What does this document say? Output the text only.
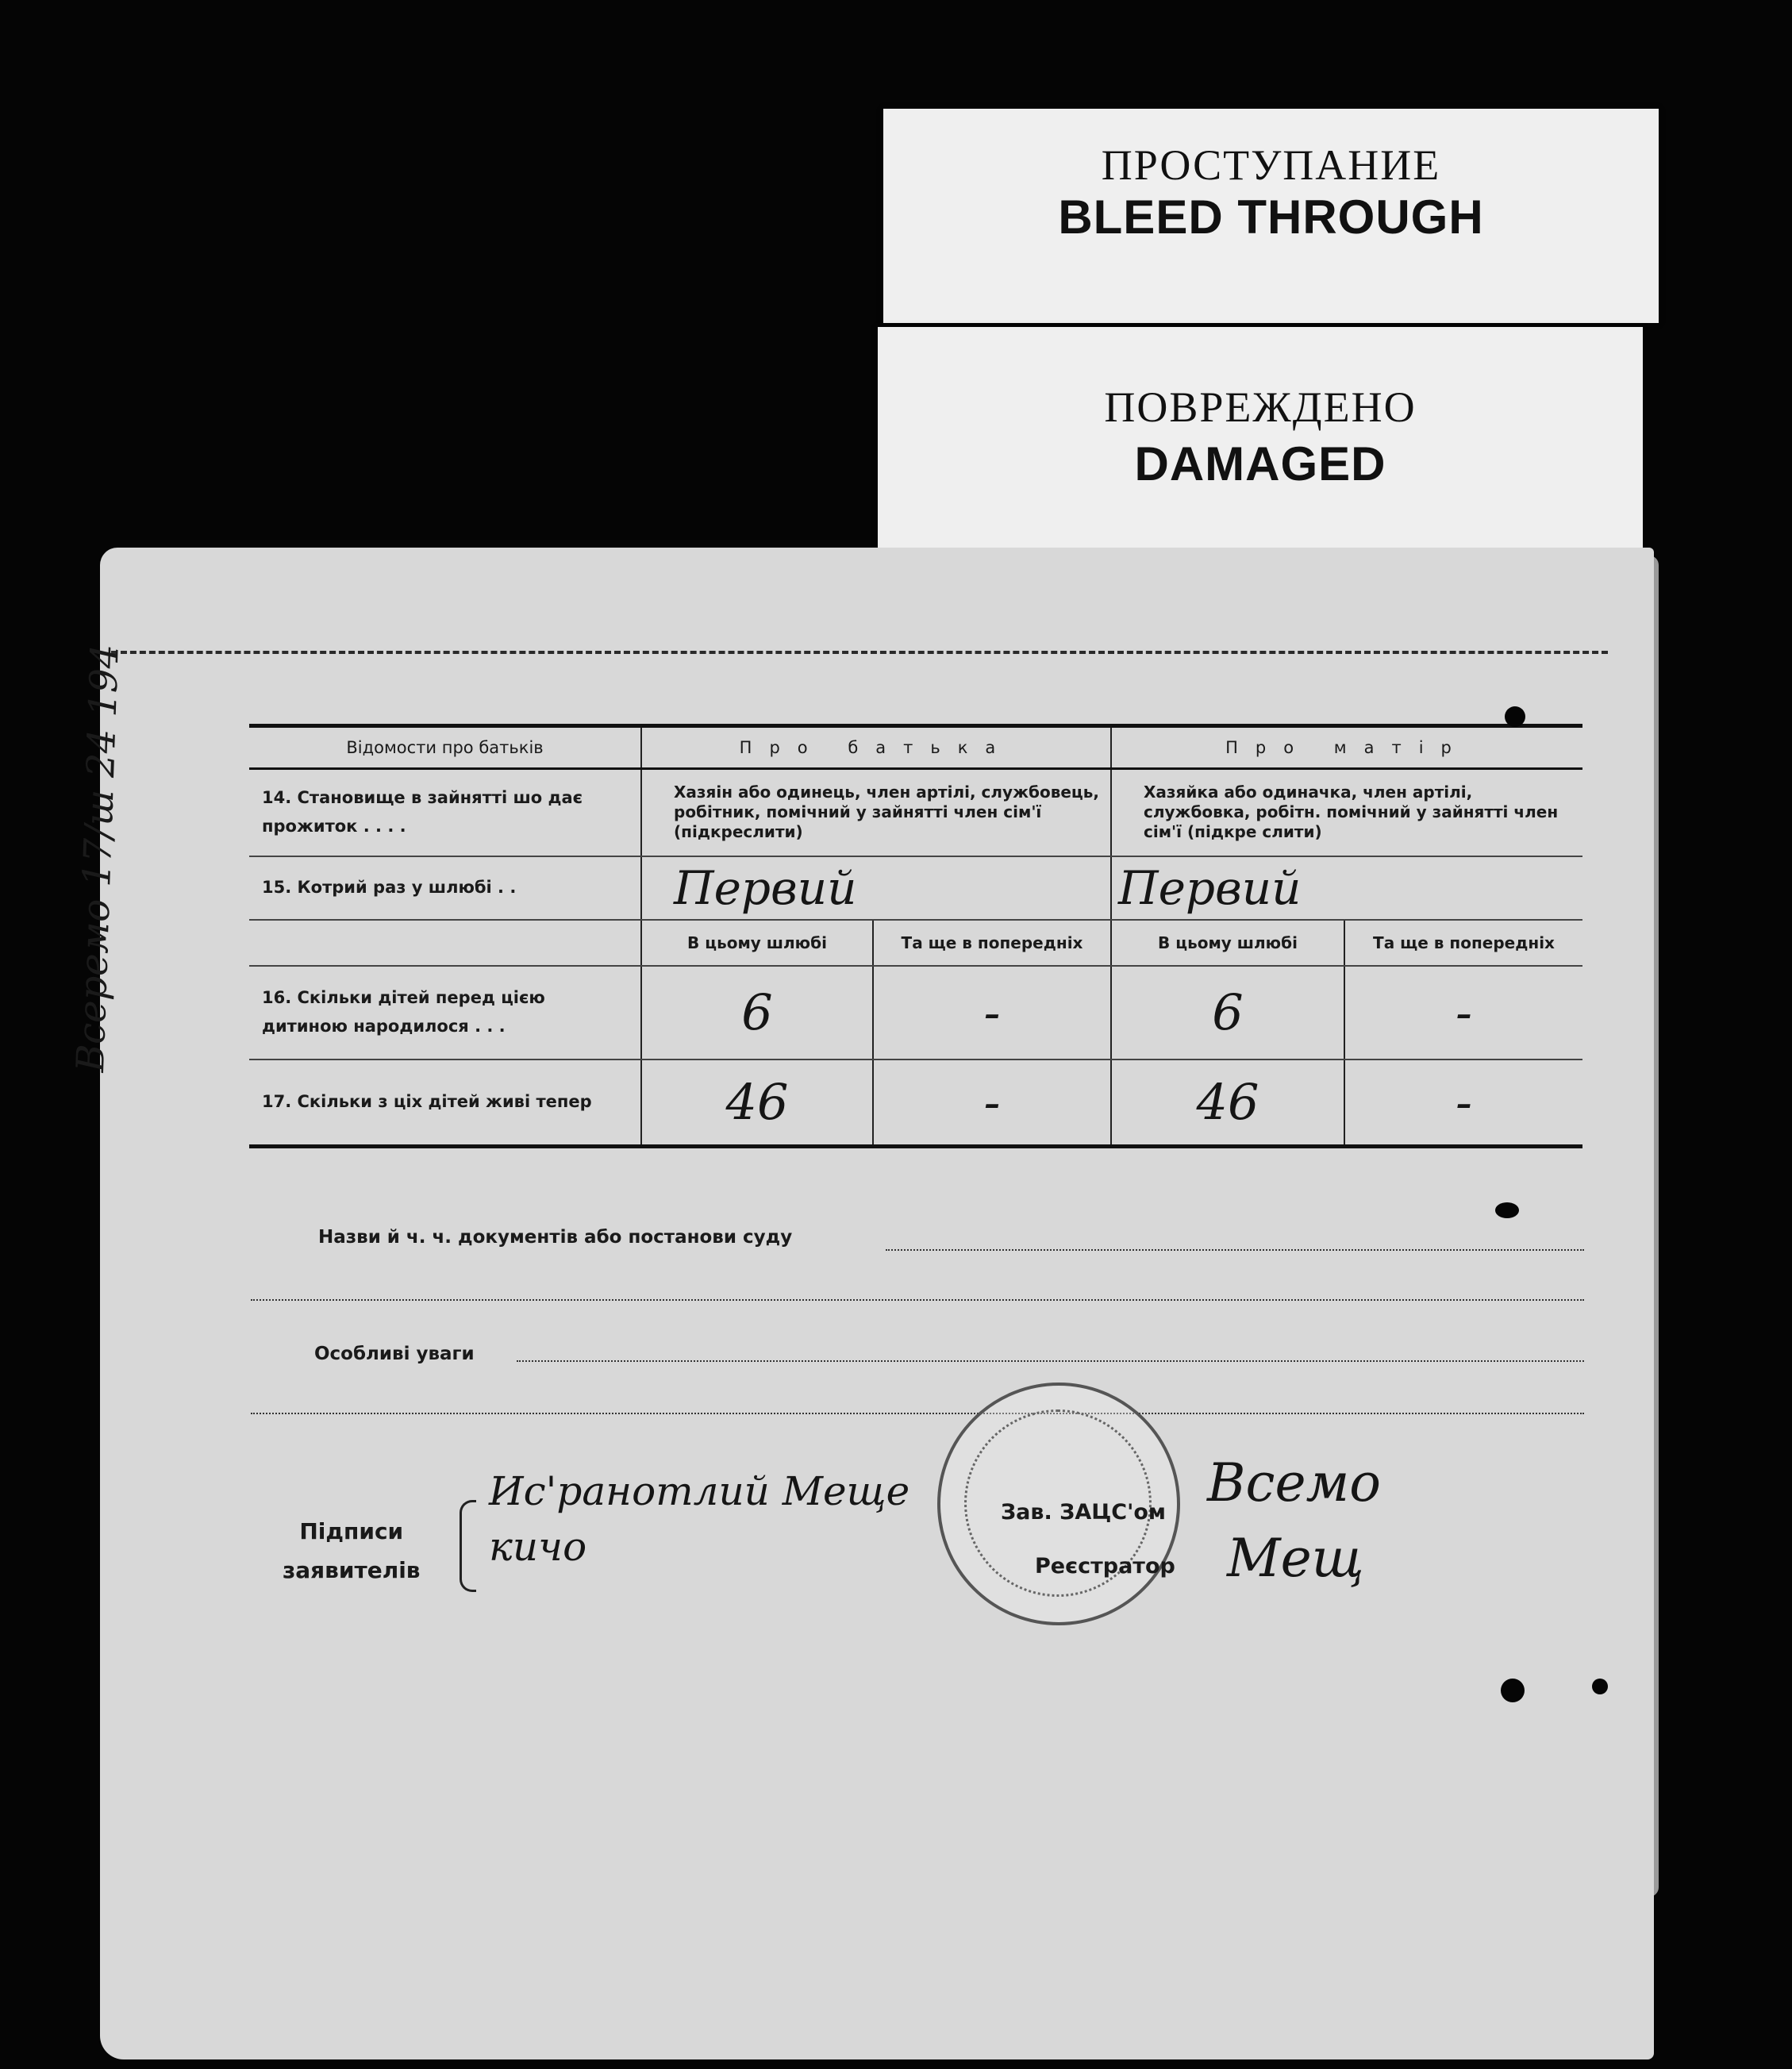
ПРОСТУПАНИЕ
BLEED THROUGH
ПОВРЕЖДЕНО
DAMAGED
Всеремо 17/ш 24 194	Відомости про батьків	Про батька		Про матір	
14. Становище в зайнятті шо дає прожиток . . . .	Хазяін або одинець, член артілі, службовець, робітник, помічний у зайнятті член сім'ї (підкреслити)		Хазяйка або одиначка, член артілі, службовка, робітн. помічний у зайнятті член сім'ї (підкре слити)	
15. Котрий раз у шлюбі . .	Первий		Первий	
	В цьому шлюбі	Та ще в попередніх	В цьому шлюбі	Та ще в попередніх
16. Скільки дітей перед цією дитиною народилося . . .	6	-	6	-
17. Скільки з ціх дітей живі тепер	46	-	46	-
Назви й ч. ч. документів або постанови суду
Особливі уваги
Підписи
заявителів
Ис'ранотлий Меще
кичо
Зав. ЗАЦС'ом
Реєстратор
Всемо
Мещ
